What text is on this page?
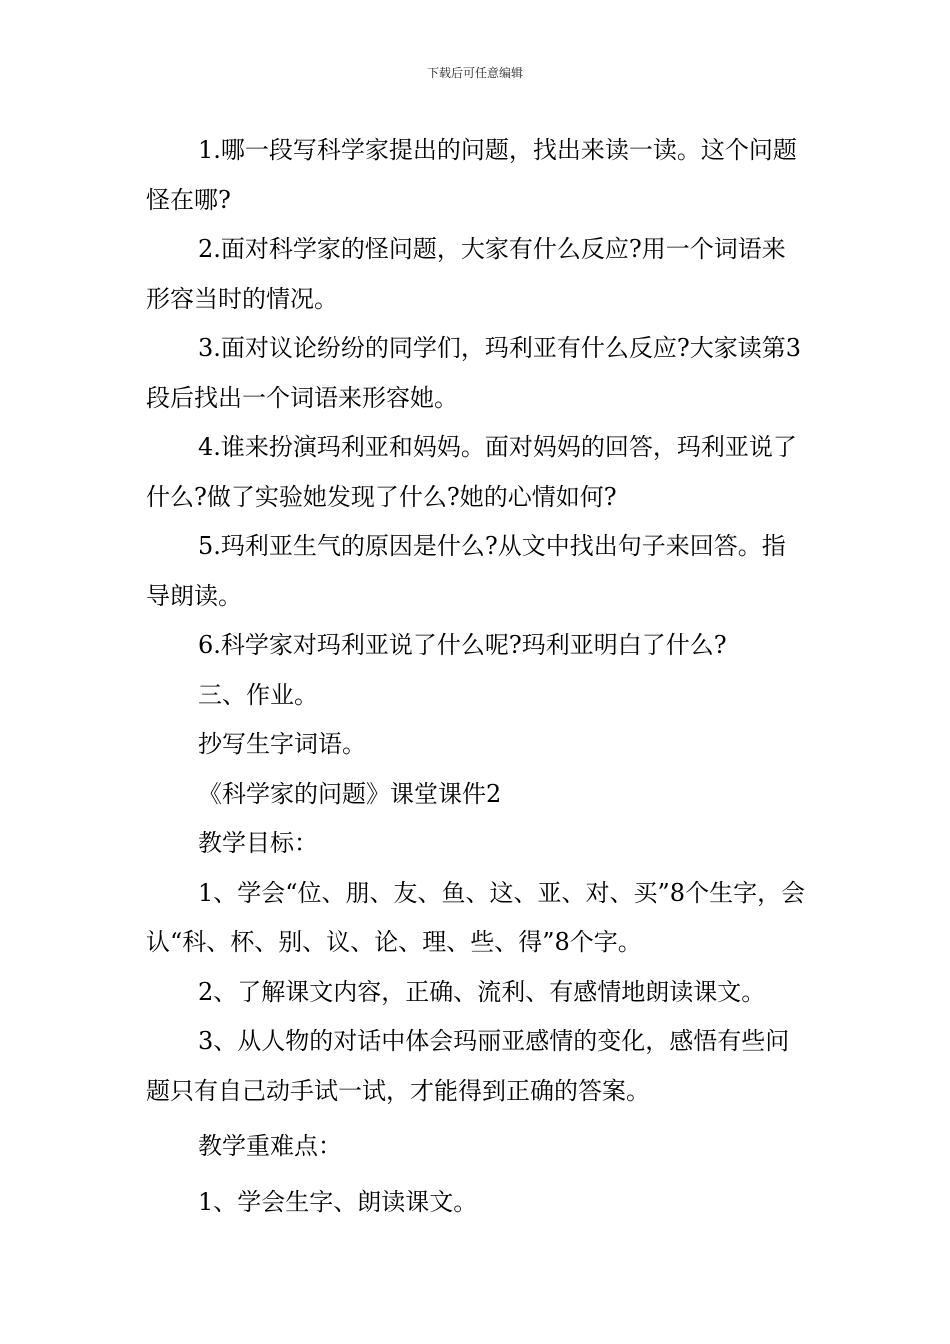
下载后可任意编辑

1.哪一段写科学家提出的问题，找出来读一读。这个问题怪在哪?

2.面对科学家的怪问题，大家有什么反应?用一个词语来形容当时的情况。

3.面对议论纷纷的同学们，玛利亚有什么反应?大家读第3段后找出一个词语来形容她。

4.谁来扮演玛利亚和妈妈。面对妈妈的回答，玛利亚说了什么?做了实验她发现了什么?她的心情如何?

5.玛利亚生气的原因是什么?从文中找出句子来回答。指导朗读。

6.科学家对玛利亚说了什么呢?玛利亚明白了什么?

三、作业。

抄写生字词语。

《科学家的问题》课堂课件2

教学目标：

1、学会“位、朋、友、鱼、这、亚、对、买”8个生字，会认“科、杯、别、议、论、理、些、得”8个字。

2、了解课文内容，正确、流利、有感情地朗读课文。

3、从人物的对话中体会玛丽亚感情的变化，感悟有些问题只有自己动手试一试，才能得到正确的答案。

教学重难点：

1、学会生字、朗读课文。
